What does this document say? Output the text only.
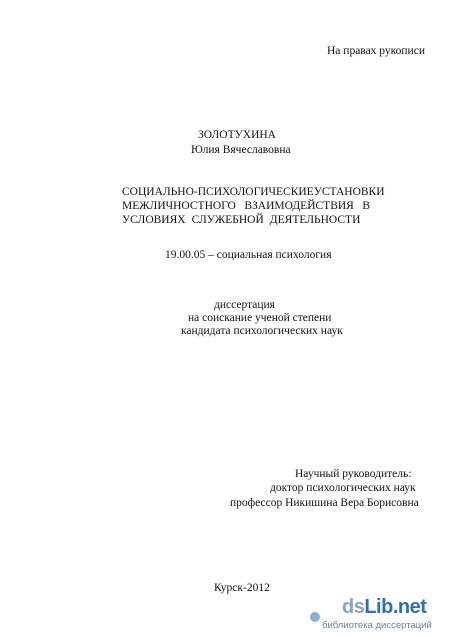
На правах рукописи
ЗОЛОТУХИНА
Юлия Вячеславовна
СОЦИАЛЬНО-ПСИХОЛОГИЧЕСКИЕ УСТАНОВКИ
МЕЖЛИЧНОСТНОГО ВЗАИМОДЕЙСТВИЯ В
УСЛОВИЯХ СЛУЖЕБНОЙ ДЕЯТЕЛЬНОСТИ
19.00.05 – социальная психология
диссертация
на соискание ученой степени
кандидата психологических наук
Научный руководитель:
доктор психологических наук
профессор Никишина Вера Борисовна
Курск-2012
dsLib.net
библиотека диссертаций
